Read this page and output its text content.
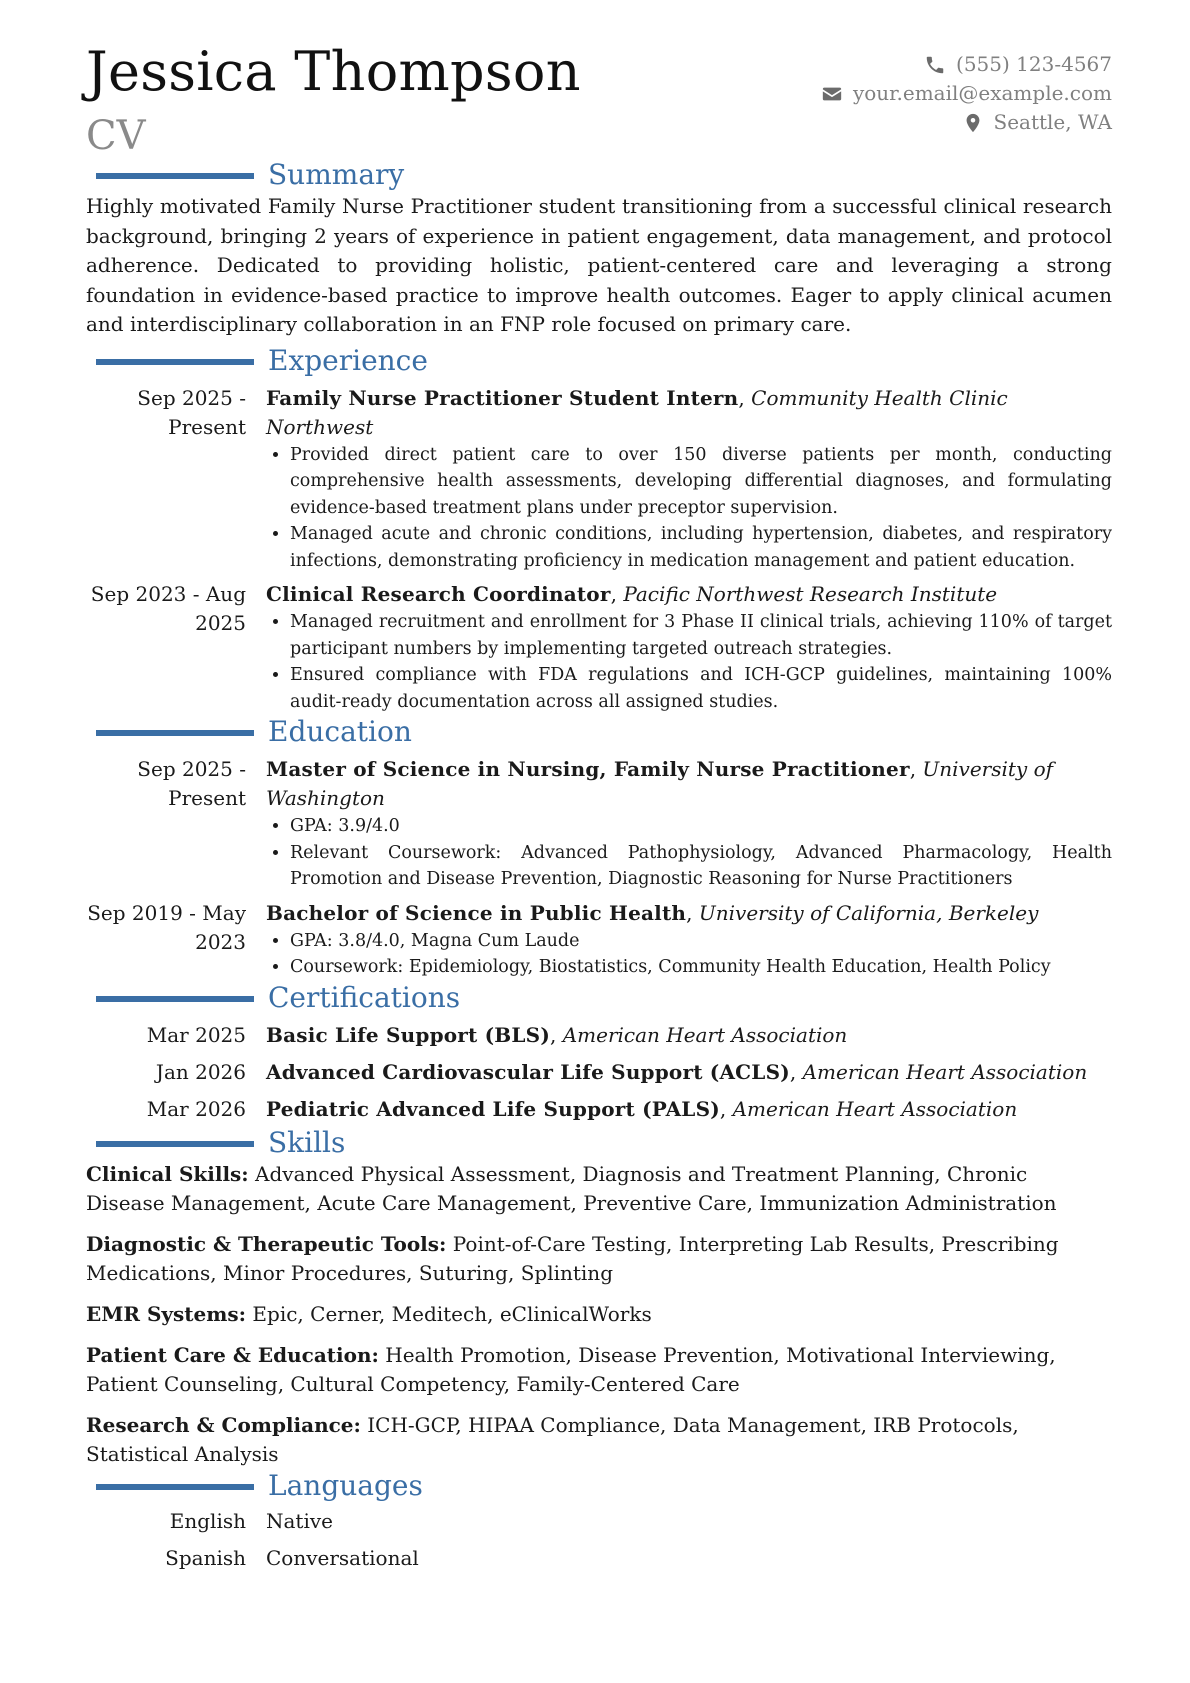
Jessica Thompson
CV
(555) 123-4567
your.email@example.com
Seattle, WA
Summary

Highly motivated Family Nurse Practitioner student transitioning from a successful clinical research background, bringing 2 years of experience in patient engagement, data management, and protocol adherence. Dedicated to providing holistic, patient-centered care and leveraging a strong foundation in evidence-based practice to improve health outcomes. Eager to apply clinical acumen and interdisciplinary collaboration in an FNP role focused on primary care.

Experience
Sep 2025 - Present
Family Nurse Practitioner Student Intern, Community Health Clinic Northwest
• Provided direct patient care to over 150 diverse patients per month, conducting comprehensive health assessments, developing differential diagnoses, and formulating evidence-based treatment plans under preceptor supervision.
• Managed acute and chronic conditions, including hypertension, diabetes, and respiratory infections, demonstrating proficiency in medication management and patient education.
Sep 2023 - Aug 2025
Clinical Research Coordinator, Pacific Northwest Research Institute
• Managed recruitment and enrollment for 3 Phase II clinical trials, achieving 110% of target participant numbers by implementing targeted outreach strategies.
• Ensured compliance with FDA regulations and ICH-GCP guidelines, maintaining 100% audit-ready documentation across all assigned studies.
Education
Sep 2025 - Present
Master of Science in Nursing, Family Nurse Practitioner, University of Washington
• GPA: 3.9/4.0
• Relevant Coursework: Advanced Pathophysiology, Advanced Pharmacology, Health Promotion and Disease Prevention, Diagnostic Reasoning for Nurse Practitioners
Sep 2019 - May 2023
Bachelor of Science in Public Health, University of California, Berkeley
• GPA: 3.8/4.0, Magna Cum Laude
• Coursework: Epidemiology, Biostatistics, Community Health Education, Health Policy
Certifications
Mar 2025	Basic Life Support (BLS), American Heart Association
Jan 2026	Advanced Cardiovascular Life Support (ACLS), American Heart Association
Mar 2026	Pediatric Advanced Life Support (PALS), American Heart Association
Skills

Clinical Skills: Advanced Physical Assessment, Diagnosis and Treatment Planning, Chronic Disease Management, Acute Care Management, Preventive Care, Immunization Administration

Diagnostic & Therapeutic Tools: Point-of-Care Testing, Interpreting Lab Results, Prescribing Medications, Minor Procedures, Suturing, Splinting

EMR Systems: Epic, Cerner, Meditech, eClinicalWorks

Patient Care & Education: Health Promotion, Disease Prevention, Motivational Interviewing, Patient Counseling, Cultural Competency, Family-Centered Care

Research & Compliance: ICH-GCP, HIPAA Compliance, Data Management, IRB Protocols, Statistical Analysis

Languages
English	Native
Spanish	Conversational
